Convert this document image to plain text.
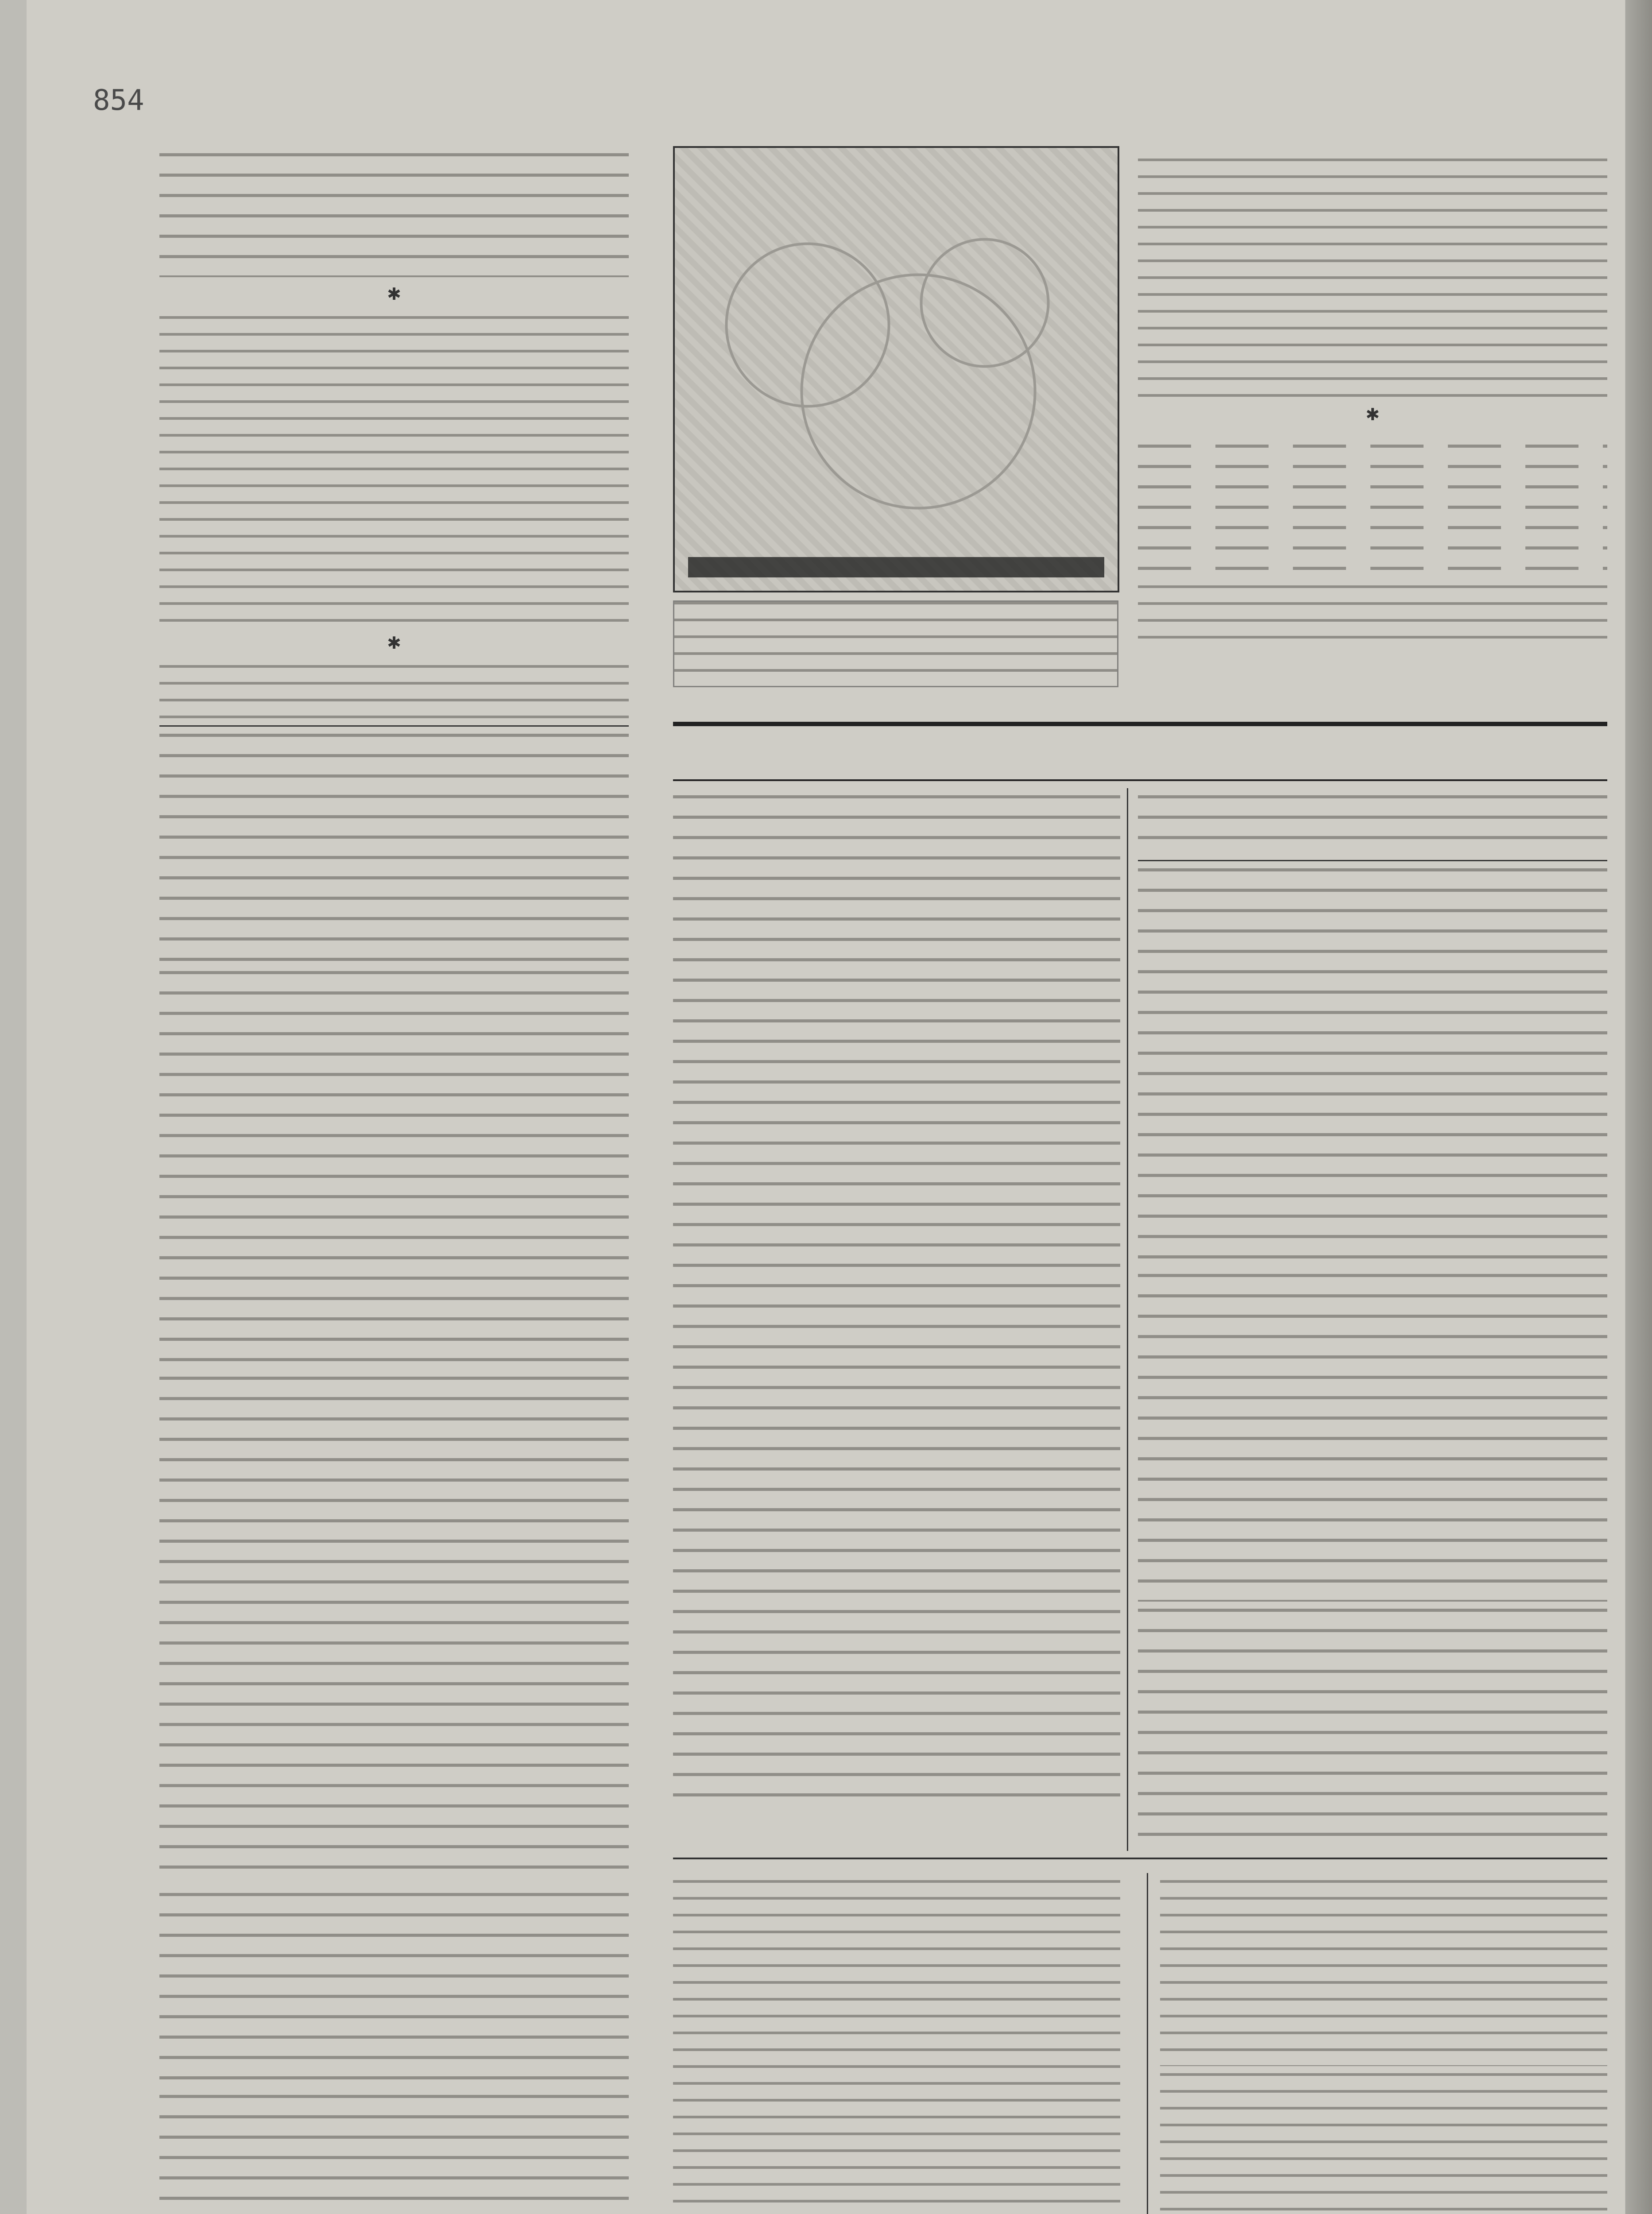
854
✱
✱
✱
